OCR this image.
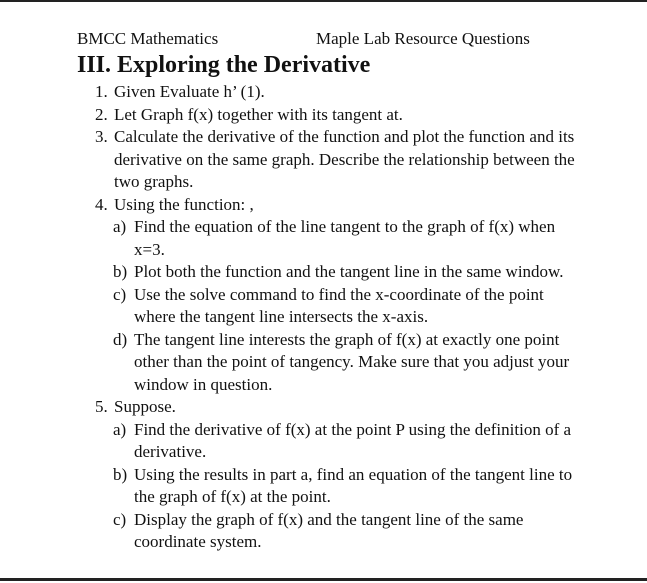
BMCC Mathematics	Maple Lab Resource Questions
III. Exploring the Derivative
1. Given Evaluate h’ (1).
2. Let Graph f(x) together with its tangent at.
3. Calculate the derivative of the function and plot the function and its derivative on the same graph. Describe the relationship between the two graphs.
4. Using the function: ,
a) Find the equation of the line tangent to the graph of f(x) when x=3.
b) Plot both the function and the tangent line in the same window.
c) Use the solve command to find the x-coordinate of the point where the tangent line intersects the x-axis.
d) The tangent line interests the graph of f(x) at exactly one point other than the point of tangency. Make sure that you adjust your window in question.
5. Suppose.
a) Find the derivative of f(x) at the point P using the definition of a derivative.
b) Using the results in part a, find an equation of the tangent line to the graph of f(x) at the point.
c) Display the graph of f(x) and the tangent line of the same coordinate system.
